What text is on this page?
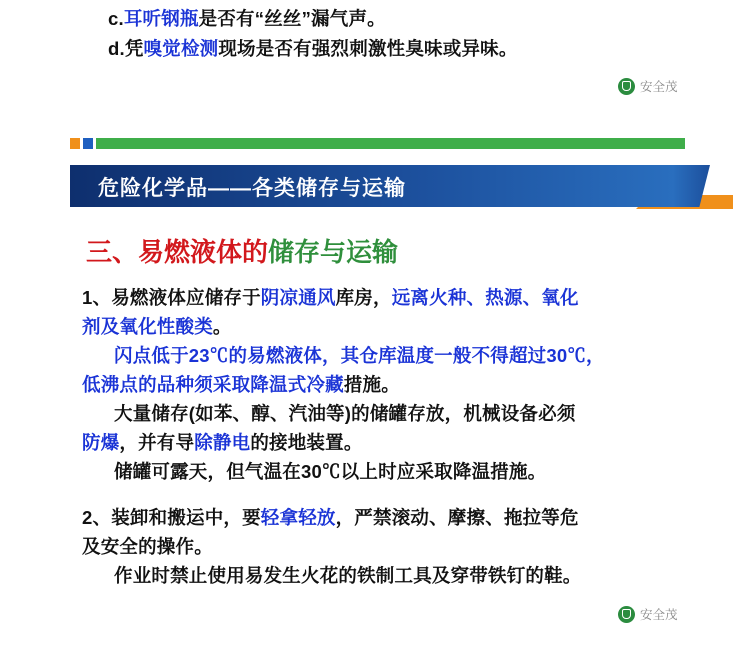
c.耳听钢瓶是否有“丝丝”漏气声。
d.凭嗅觉检测现场是否有强烈刺激性臭味或异味。
安全茂
危险化学品——各类储存与运输
三、易燃液体的储存与运输
1、易燃液体应储存于阴凉通风库房，远离火种、热源、氧化
剂及氧化性酸类。
闪点低于23℃的易燃液体，其仓库温度一般不得超过30℃，
低沸点的品种须采取降温式冷藏措施。
大量储存(如苯、醇、汽油等)的储罐存放，机械设备必须
防爆，并有导除静电的接地装置。
储罐可露天，但气温在30℃以上时应采取降温措施。
2、装卸和搬运中，要轻拿轻放，严禁滚动、摩擦、拖拉等危
及安全的操作。
作业时禁止使用易发生火花的铁制工具及穿带铁钉的鞋。
安全茂
